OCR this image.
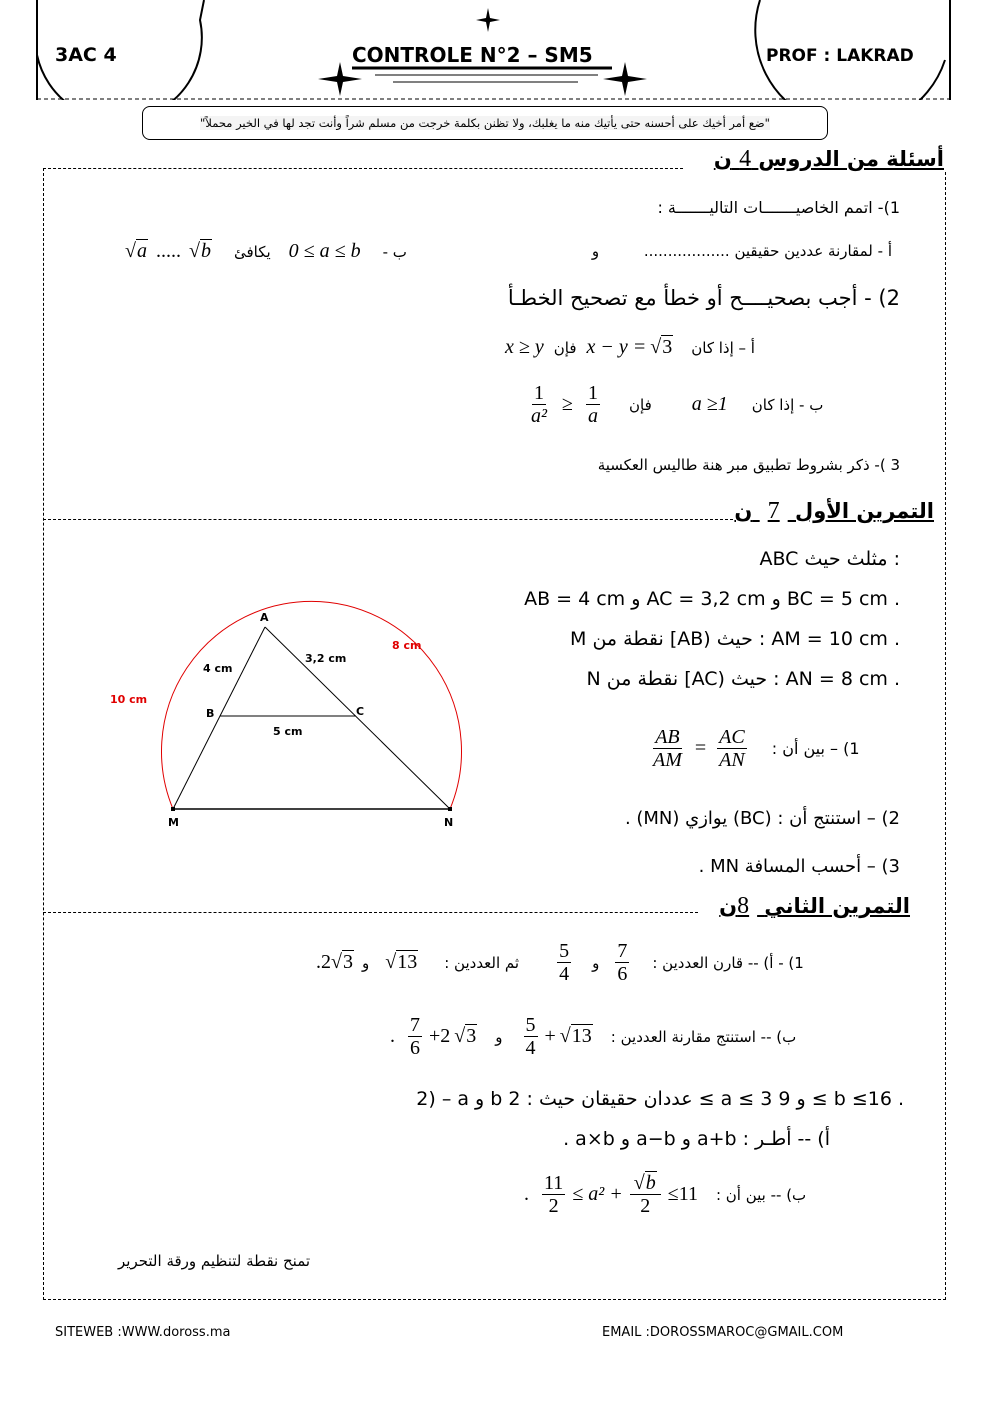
3AC 4	CONTROLE N°2 – SM5	PROF : LAKRAD
"ضع أمر أخيك على أحسنه حتى يأتيك منه ما يغلبك، ولا تظنن بكلمة خرجت من مسلم شراً وأنت تجد لها في الخير محملاً"
أسئلة من الدروس 4 ن
1)- اتمم الخاصيـــــــات التاليـــــــة :
أ - لمقارنة عددين حقيقين .................. و
√a ..... √b يكافئ 0 ≤ a ≤ b ب -
2) - أجب بصحيــــح أو خطأ مع تصحيح الخطـأ
x ≥ y فإن x − y = √3 أ – إذا كان
$\frac{1}{\text{a²}} \ge \frac{1}{a}$ فإن a ≥1 ب - إذا كان
3 )- ذكر بشروط تطبيق مبر هنة طاليس العكسية
التمرين الأول 7 ن
ABC مثلث حيث :
AB = 4 cm و AC = 3,2 cm و BC = 5 cm .
M نقطة من [AB) حيث : AM = 10 cm .
N نقطة من [AC) حيث : AN = 8 cm .
$\frac{AB}{AM} = \frac{AC}{AN} 1$) – بين أن :
2) – استنتج أن : (BC) يوازي (MN) .
3) – أحسب المسافة MN .
A
B	C
M	N
4 cm
3,2 cm
5 cm
10 cm
8 cm
التمرين الثاني 8ن
. 2 √3 و √13 ثم العددين : $\frac{5}{4}$ و $\frac{7}{6} 1$) - أ) -- قارن العددين :
. $\frac{7}{6} +2$ √3 و $\frac{5}{4} + √13$ ب) -- استنتج مقارنة العددين :
2) – a و b عددان حقيقان حيث : 2 ≤ a ≤ 3 و 9 ≤ b ≤16 .
أ) -- أطـر : a+b و a−b و a×b .
. $\frac{11}{2} \le a^2 + \frac{√b}{2} \le 11$ ب) -- بين أن :
تمنح نقطة لتنظيم ورقة التحرير
SITEWEB :WWW.doross.ma	EMAIL :DOROSSMAROC@GMAIL.COM
